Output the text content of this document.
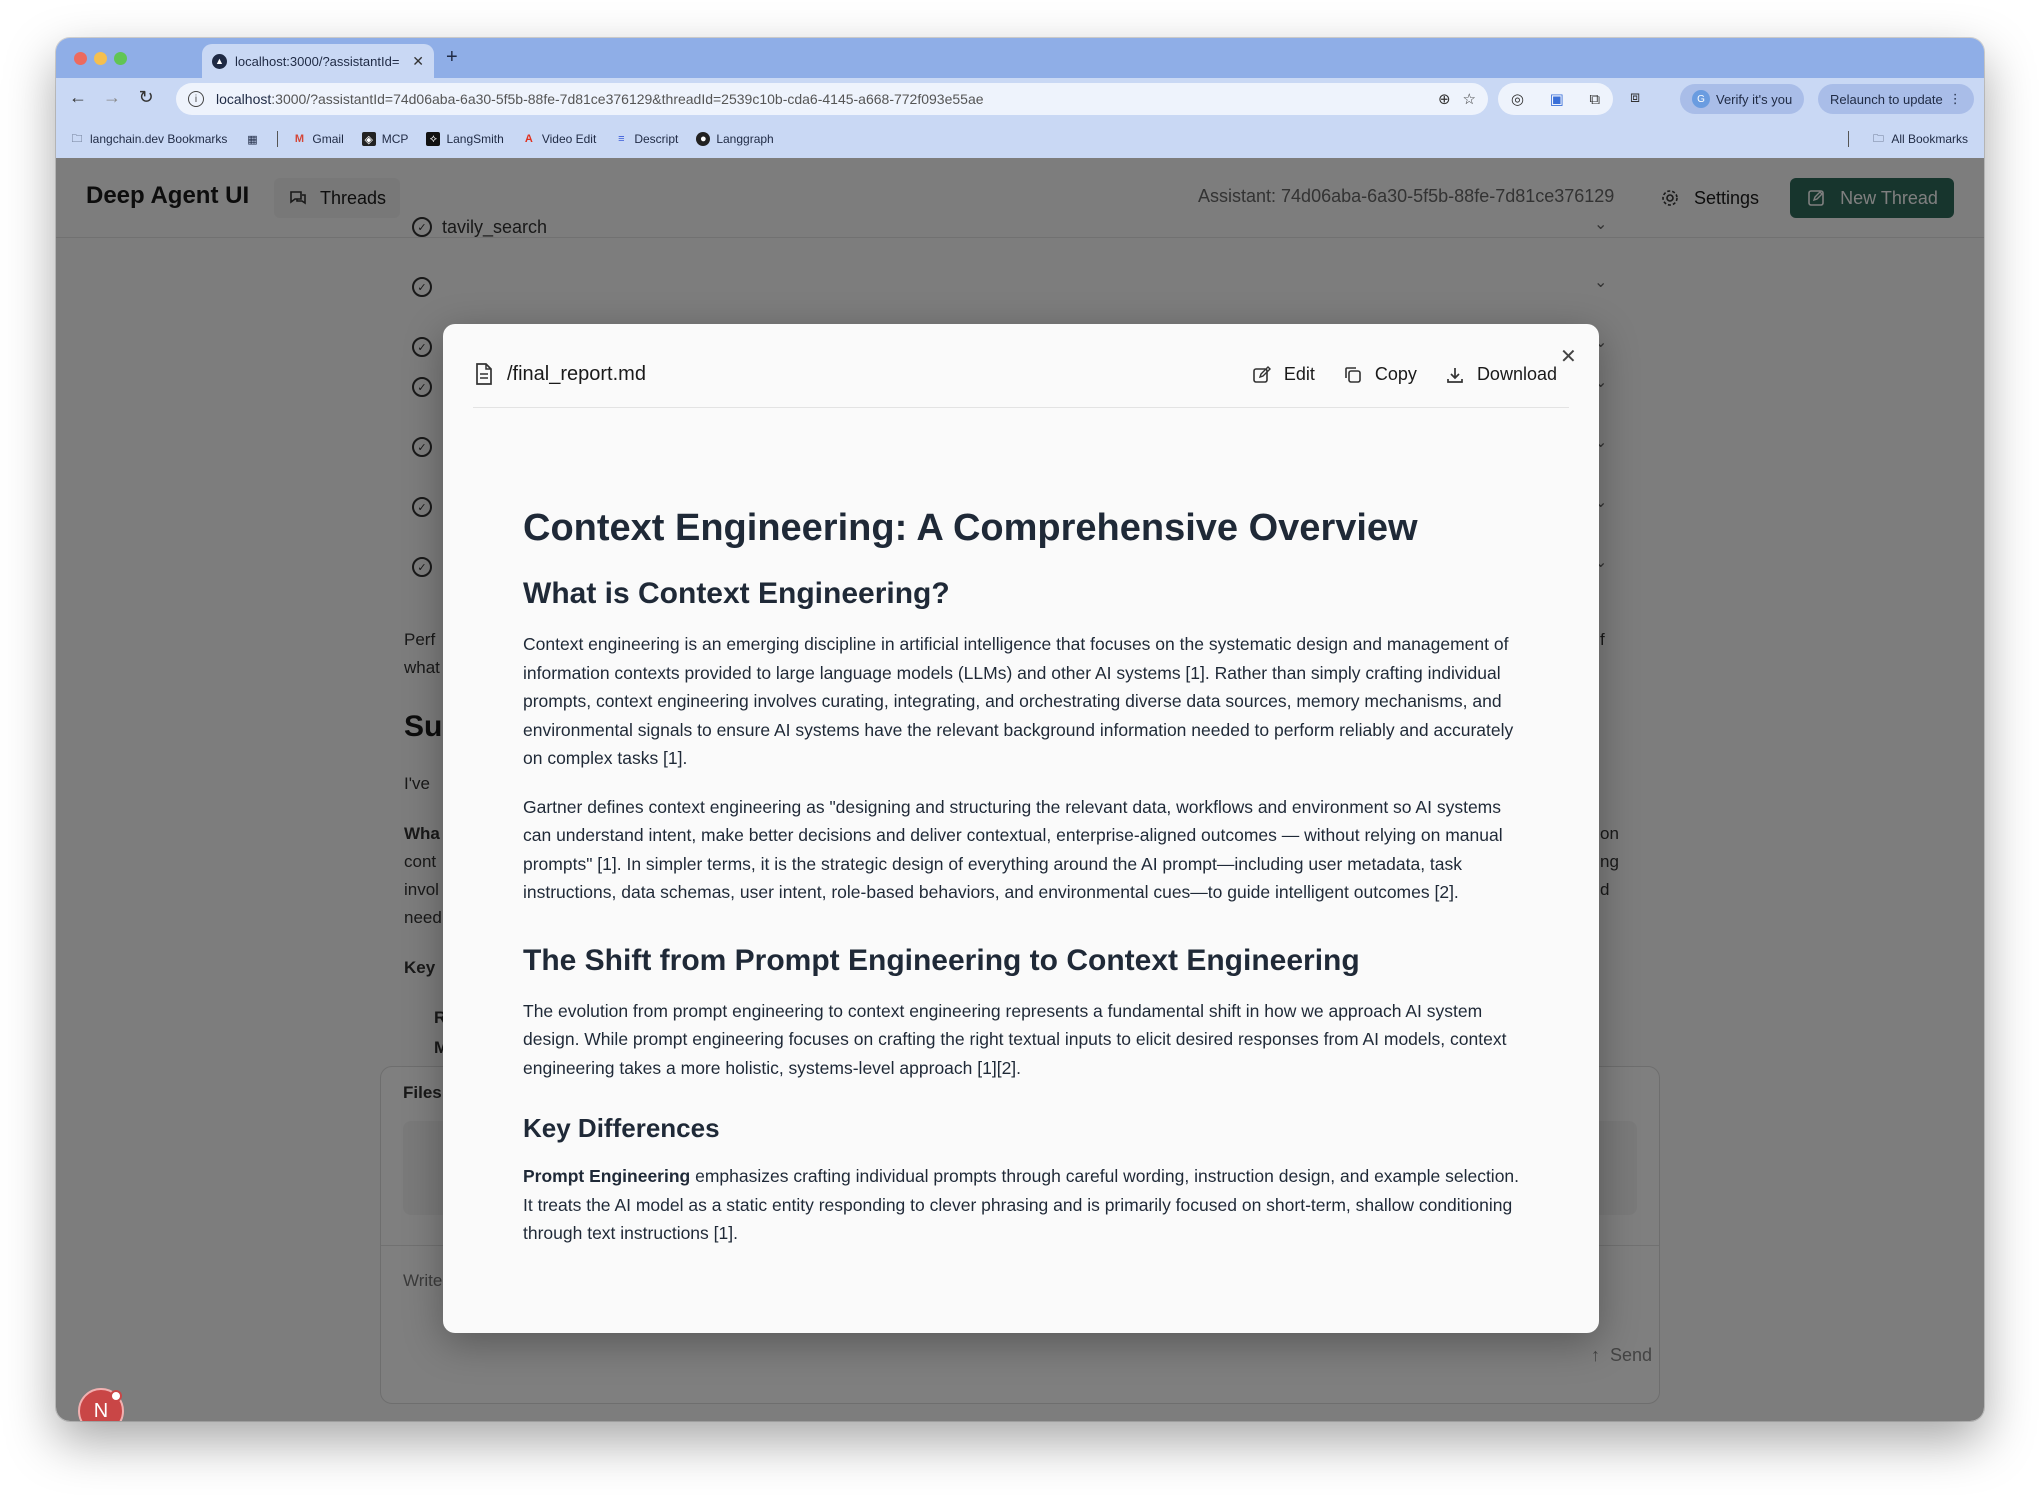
▲ localhost:3000/?assistantId= ✕ +
← → ↻	i	localhost:3000/?assistantId=74d06aba-6a30-5f5b-88fe-7d81ce376129&threadId=2539c10b-cda6-4145-a668-772f093e55ae	⊕ ☆ ◎ ▣ ⧉ ⧈	G Verify it's you	Relaunch to update ⋮
🗀 langchain.dev Bookmarks ▦	M Gmail ◈ MCP	⟡ LangSmith A Video Edit	≡ Descript	● Langgraph	🗀 All Bookmarks
N
✕
/final_report.md	Edit	Copy	Download
Context Engineering: A Comprehensive Overview
What is Context Engineering?

Context engineering is an emerging discipline in artificial intelligence that focuses on the systematic design and management of information contexts provided to large language models (LLMs) and other AI systems [1]. Rather than simply crafting individual prompts, context engineering involves curating, integrating, and orchestrating diverse data sources, memory mechanisms, and environmental signals to ensure AI systems have the relevant background information needed to perform reliably and accurately on complex tasks [1].

Gartner defines context engineering as "designing and structuring the relevant data, workflows and environment so AI systems can understand intent, make better decisions and deliver contextual, enterprise-aligned outcomes — without relying on manual prompts" [1]. In simpler terms, it is the strategic design of everything around the AI prompt—including user metadata, task instructions, data schemas, user intent, role-based behaviors, and environmental cues—to guide intelligent outcomes [2].

The Shift from Prompt Engineering to Context Engineering

The evolution from prompt engineering to context engineering represents a fundamental shift in how we approach AI system design. While prompt engineering focuses on crafting the right textual inputs to elicit desired responses from AI models, context engineering takes a more holistic, systems-level approach [1][2].

Key Differences

Prompt Engineering emphasizes crafting individual prompts through careful wording, instruction design, and example selection. It treats the AI model as a static entity responding to clever phrasing and is primarily focused on short-term, shallow conditioning through text instructions [1].
